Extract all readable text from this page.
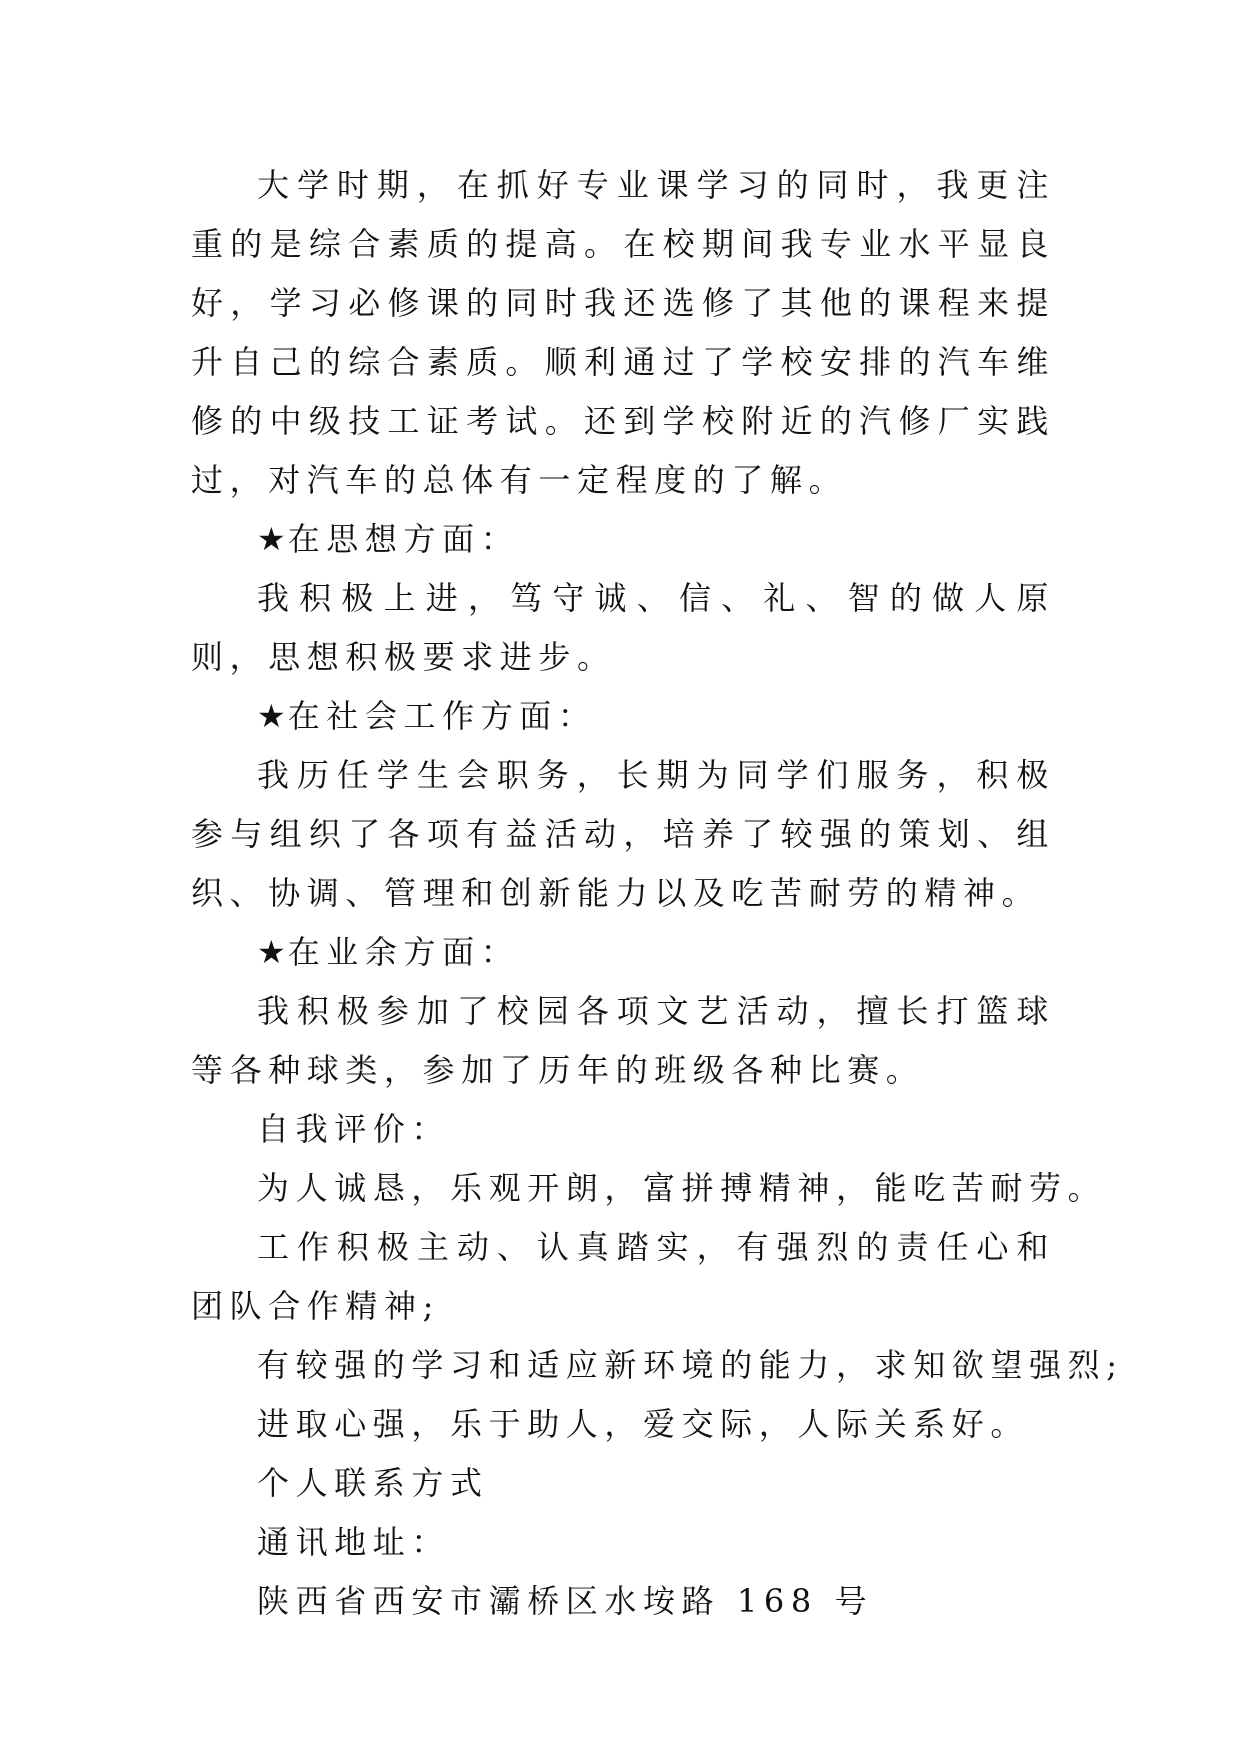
大学时期，在抓好专业课学习的同时，我更注重的是综合素质的提高。在校期间我专业水平显良好，学习必修课的同时我还选修了其他的课程来提升自己的综合素质。顺利通过了学校安排的汽车维修的中级技工证考试。还到学校附近的汽修厂实践过，对汽车的总体有一定程度的了解。

★在思想方面：

我积极上进，笃守诚、信、礼、智的做人原则，思想积极要求进步。

★在社会工作方面：

我历任学生会职务，长期为同学们服务，积极参与组织了各项有益活动，培养了较强的策划、组织、协调、管理和创新能力以及吃苦耐劳的精神。

★在业余方面：

我积极参加了校园各项文艺活动，擅长打篮球等各种球类，参加了历年的班级各种比赛。

自我评价：

为人诚恳，乐观开朗，富拼搏精神，能吃苦耐劳。

工作积极主动、认真踏实，有强烈的责任心和团队合作精神;

有较强的学习和适应新环境的能力，求知欲望强烈;

进取心强，乐于助人，爱交际，人际关系好。

个人联系方式

通讯地址：

陕西省西安市灞桥区水垵路 168 号
